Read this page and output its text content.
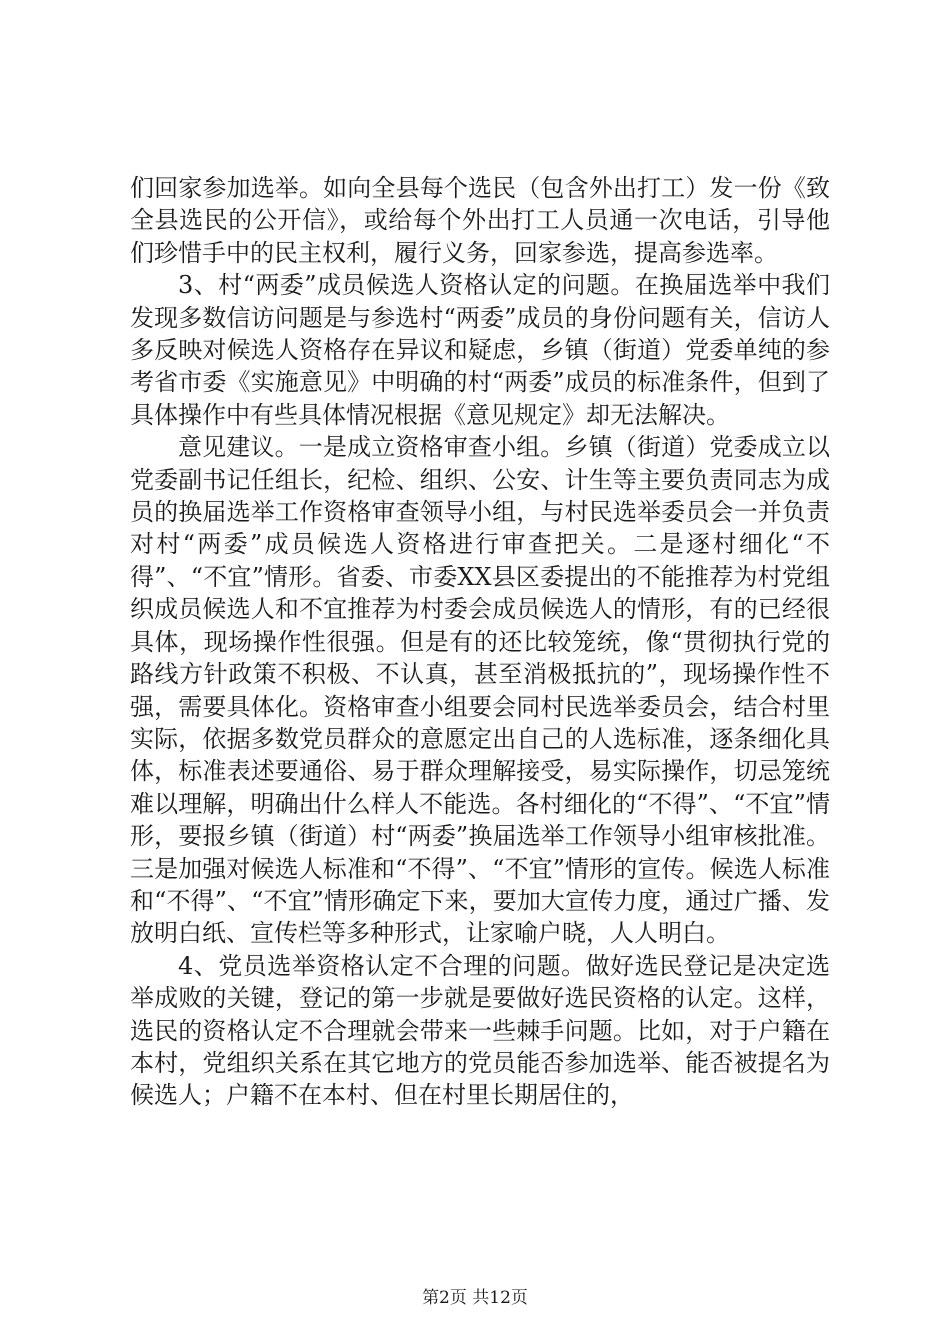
们回家参加选举。如向全县每个选民（包含外出打工）发一份《致全县选民的公开信》，或给每个外出打工人员通一次电话，引导他们珍惜手中的民主权利，履行义务，回家参选，提高参选率。

3、村“两委”成员候选人资格认定的问题。在换届选举中我们发现多数信访问题是与参选村“两委”成员的身份问题有关，信访人多反映对候选人资格存在异议和疑虑，乡镇（街道）党委单纯的参考省市委《实施意见》中明确的村“两委”成员的标准条件，但到了具体操作中有些具体情况根据《意见规定》却无法解决。

意见建议。一是成立资格审查小组。乡镇（街道）党委成立以党委副书记任组长，纪检、组织、公安、计生等主要负责同志为成员的换届选举工作资格审查领导小组，与村民选举委员会一并负责对村“两委”成员候选人资格进行审查把关。二是逐村细化“不得”、“不宜”情形。省委、市委XX县区委提出的不能推荐为村党组织成员候选人和不宜推荐为村委会成员候选人的情形，有的已经很具体，现场操作性很强。但是有的还比较笼统，像“贯彻执行党的路线方针政策不积极、不认真，甚至消极抵抗的”，现场操作性不强，需要具体化。资格审查小组要会同村民选举委员会，结合村里实际，依据多数党员群众的意愿定出自己的人选标准，逐条细化具体，标准表述要通俗、易于群众理解接受，易实际操作，切忌笼统难以理解，明确出什么样人不能选。各村细化的“不得”、“不宜”情形，要报乡镇（街道）村“两委”换届选举工作领导小组审核批准。三是加强对候选人标准和“不得”、“不宜”情形的宣传。候选人标准和“不得”、“不宜”情形确定下来，要加大宣传力度，通过广播、发放明白纸、宣传栏等多种形式，让家喻户晓，人人明白。

4、党员选举资格认定不合理的问题。做好选民登记是决定选举成败的关键，登记的第一步就是要做好选民资格的认定。这样，选民的资格认定不合理就会带来一些棘手问题。比如，对于户籍在本村，党组织关系在其它地方的党员能否参加选举、能否被提名为候选人；户籍不在本村、但在村里长期居住的，

第2页 共12页
